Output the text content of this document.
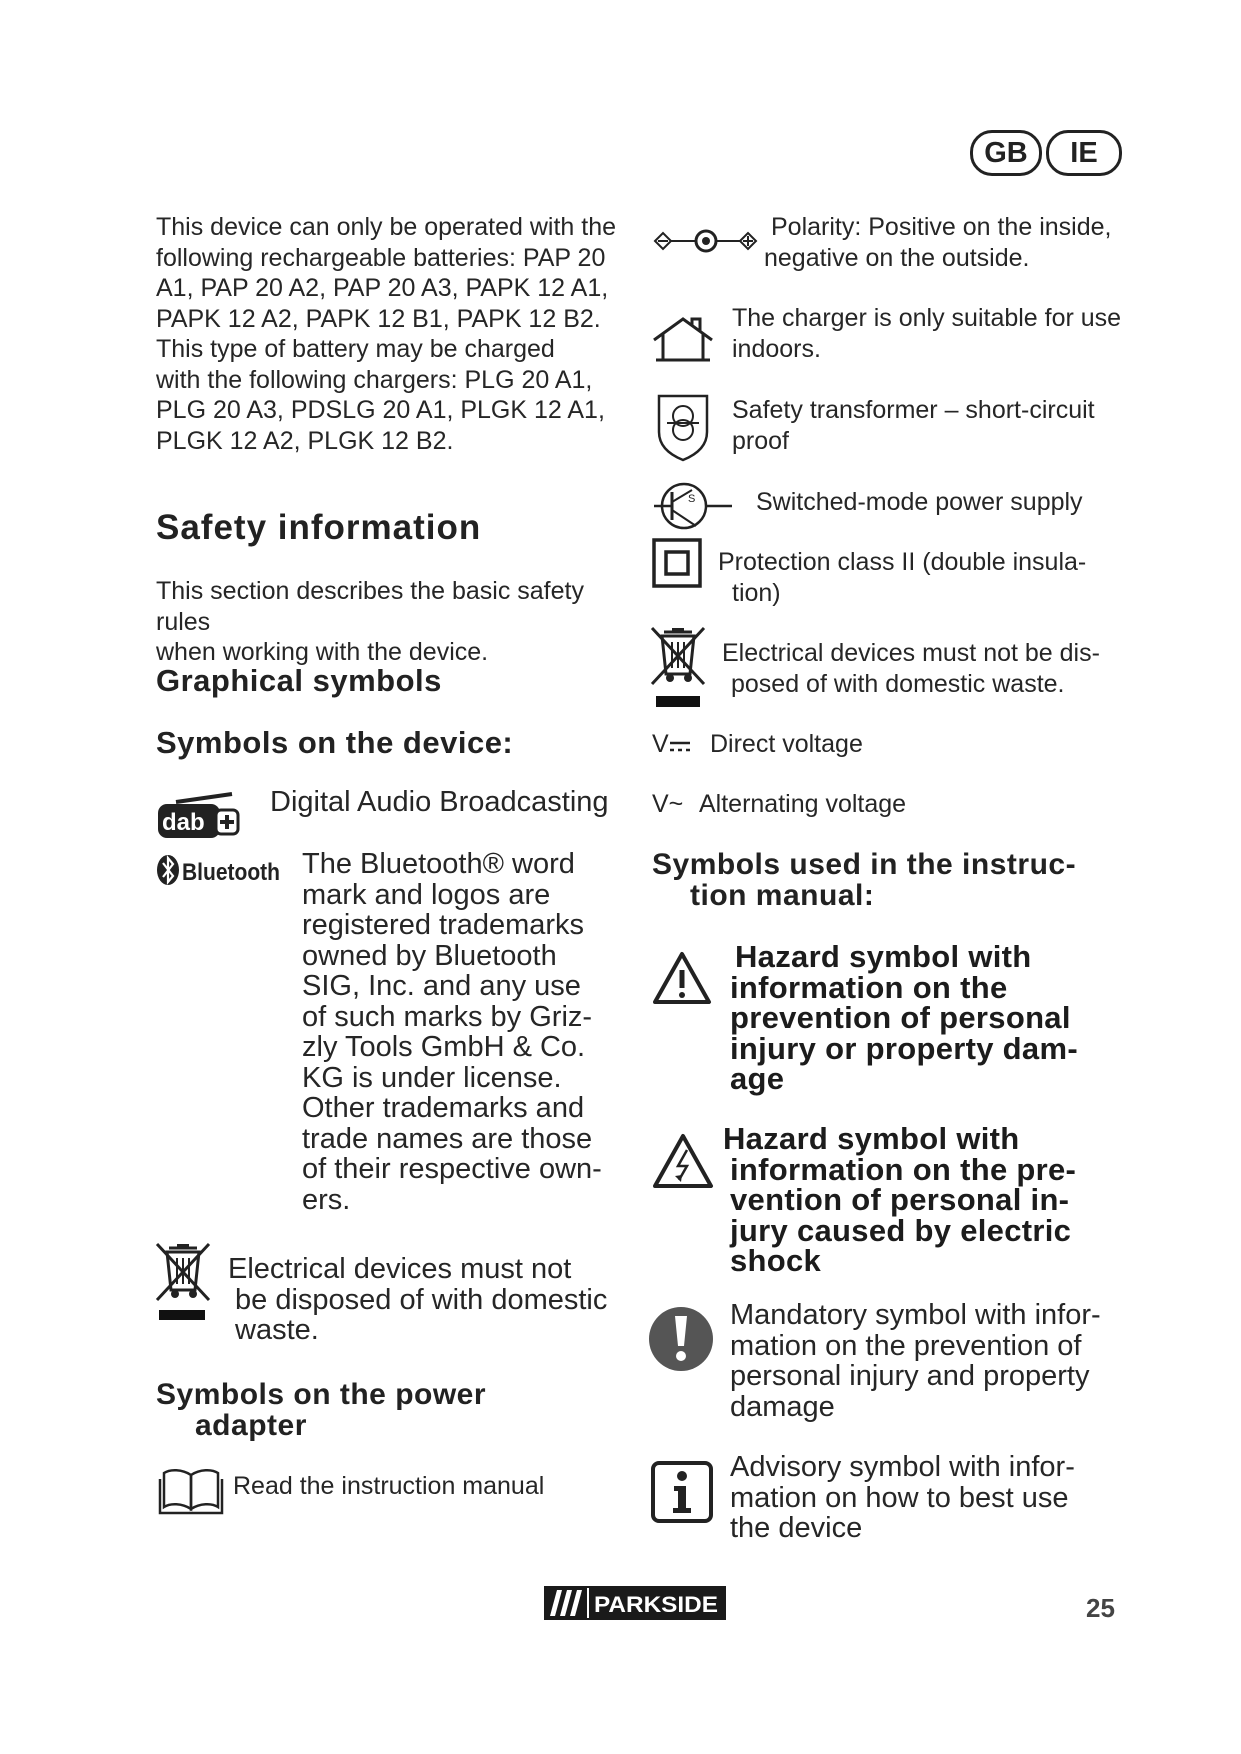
GB	IE
This device can only be operated with the
following rechargeable batteries: PAP 20
A1, PAP 20 A2, PAP 20 A3, PAPK 12 A1,
PAPK 12 A2, PAPK 12 B1, PAPK 12 B2.
This type of battery may be charged
with the following chargers: PLG 20 A1,
PLG 20 A3, PDSLG 20 A1, PLGK 12 A1,
PLGK 12 A2, PLGK 12 B2.
Safety information
This section describes the basic safety rules
when working with the device.
Graphical symbols
Symbols on the device:
dab
Digital Audio Broadcasting
Bluetooth The Bluetooth® word
mark and logos are
registered trademarks
owned by Bluetooth
SIG, Inc. and any use
of such marks by Griz-
zly Tools GmbH & Co.
KG is under license.
Other trademarks and
trade names are those
of their respective own-
ers.
Electrical devices must not
be disposed of with domestic
waste.
Symbols on the power
adapter
Read the instruction manual
Polarity: Positive on the inside,
negative on the outside.
The charger is only suitable for use
indoors.
Safety transformer – short-circuit
proof
S Switched-mode power supply
Protection class II (double insula-
tion)
Electrical devices must not be dis-
posed of with domestic waste.
V Direct voltage
V~ Alternating voltage
Symbols used in the instruc-
tion manual:
Hazard symbol with
information on the
prevention of personal
injury or property dam-
age
Hazard symbol with
information on the pre-
vention of personal in-
jury caused by electric
shock
Mandatory symbol with infor-
mation on the prevention of
personal injury and property
damage
Advisory symbol with infor-
mation on how to best use
the device
PARKSIDE	25
